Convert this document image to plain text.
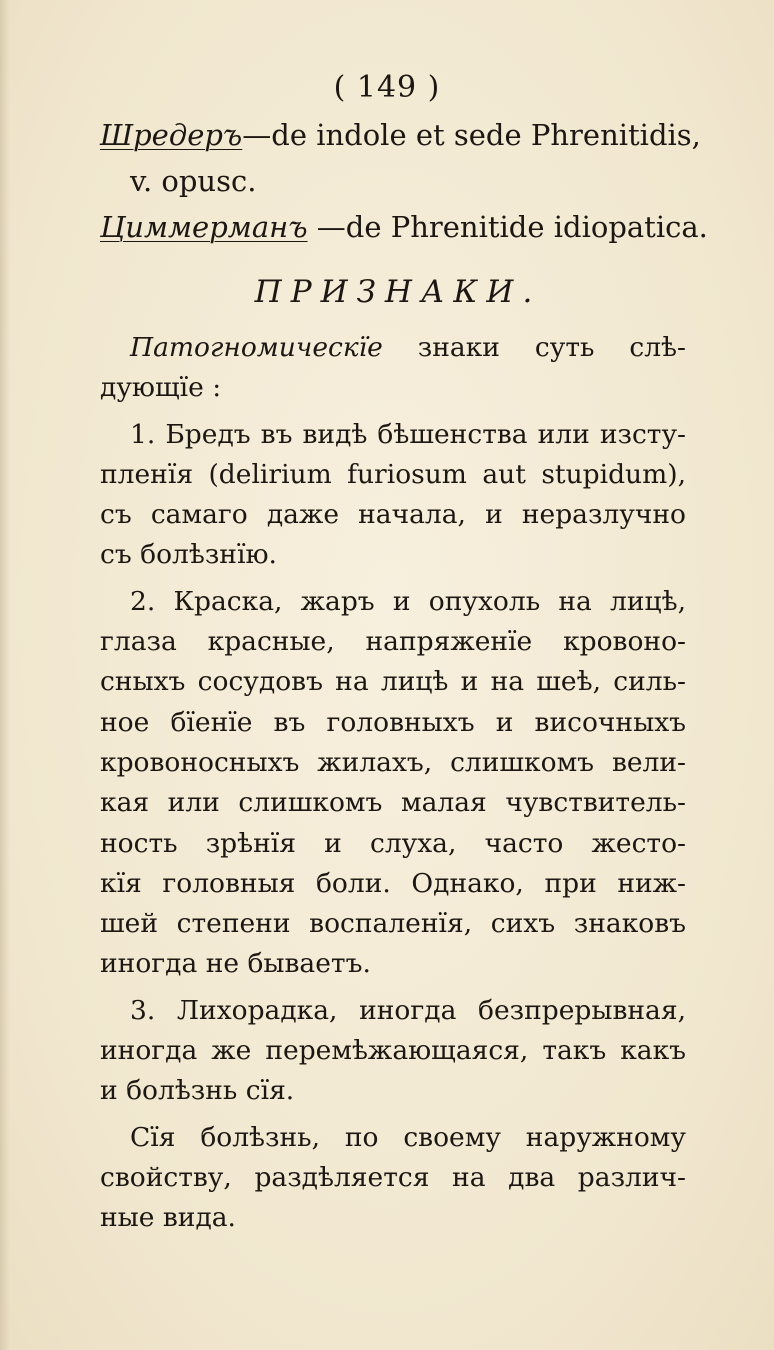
( 149 )
Шредеръ—de indole et sede Phrenitidis,
v. opusc.
Циммерманъ —de Phrenitide idiopatica.
ПРИЗНАКИ.
Патогномическїе знаки суть слѣ-
дующїе :
1. Бредъ въ видѣ бѣшенства или изсту-
пленїя (delirium furiosum aut stupidum),
съ самаго даже начала, и неразлучно
съ болѣзнїю.
2. Краска, жаръ и опухоль на лицѣ,
глаза красные, напряженїе кровоно-
сныхъ сосудовъ на лицѣ и на шеѣ, силь-
ное бїенїе въ головныхъ и височныхъ
кровоносныхъ жилахъ, слишкомъ вели-
кая или слишкомъ малая чувствитель-
ность зрѣнїя и слуха, часто жесто-
кїя головныя боли. Однако, при ниж-
шей степени воспаленїя, сихъ знаковъ
иногда не бываетъ.
3. Лихорадка, иногда безпрерывная,
иногда же перемѣжающаяся, такъ какъ
и болѣзнь сїя.
Сїя болѣзнь, по своему наружному
свойству, раздѣляется на два различ-
ные вида.
